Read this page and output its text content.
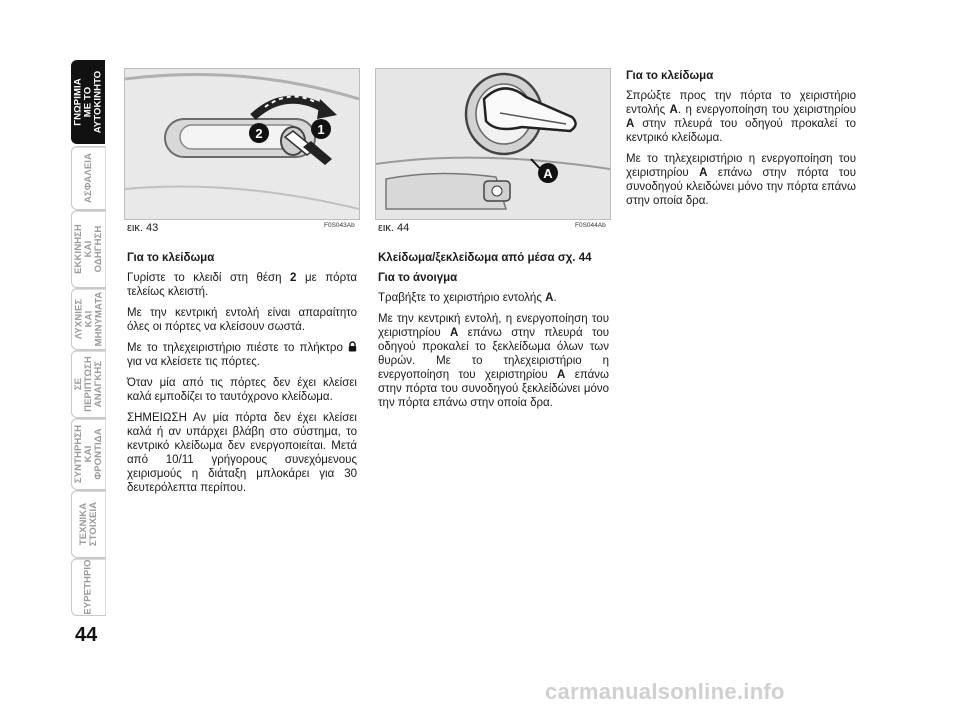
ΓΝΩΡΙΜΙΑ
ΜΕ ΤΟ
ΑΥΤΟΚΙΝΗΤΟ
ΑΣΦΑΛΕΙΑ
ΕΚΚΙΝΗΣΗ
ΚΑΙ
ΟΔΗΓΗΣΗ
ΛΥΧΝΙΕΣ
ΚΑΙ
ΜΗΝΥΜΑΤΑ
ΣΕ
ΠΕΡΙΠΤΩΣΗ
ΑΝΑΓΚΗΣ
ΣΥΝΤΗΡΗΣΗ
ΚΑΙ
ΦΡΟΝΤΙΔΑ
ΤΕΧΝΙΚΑ
ΣΤΟΙΧΕΙΑ
ΕΥΡΕΤΗΡΙΟ
44
1
2
εικ. 43	F0S043Ab
A
εικ. 44	F0S044Ab

Για το κλείδωμα

Γυρίστε το κλειδί στη θέση 2 με πόρτα τελείως κλειστή.

Με την κεντρική εντολή είναι απαραίτητο όλες οι πόρτες να κλείσουν σωστά.

Με το τηλεχειριστήριο πιέστε το πλήκτρο  για να κλείσετε τις πόρτες.

Όταν μία από τις πόρτες δεν έχει κλείσει καλά εμποδίζει το ταυτόχρονο κλείδωμα.

ΣΗΜΕΙΩΣΗ Αν μία πόρτα δεν έχει κλείσει καλά ή αν υπάρχει βλάβη στο σύστημα, το κεντρικό κλείδωμα δεν ενεργοποιείται. Μετά από 10/11 γρήγορους συνεχόμενους χειρισμούς η διάταξη μπλοκάρει για 30 δευτερόλεπτα περίπου.

Κλείδωμα/ξεκλείδωμα από μέσα σχ. 44

Για το άνοιγμα

Τραβήξτε το χειριστήριο εντολής A.

Με την κεντρική εντολή, η ενεργοποίηση του χειριστηρίου A επάνω στην πλευρά του οδηγού προκαλεί το ξεκλείδωμα όλων των θυρών. Με το τηλεχειριστήριο η ενεργοποίηση του χειριστηρίου A επάνω στην πόρτα του συνοδηγού ξεκλείδώνει μόνο την πόρτα επάνω στην οποία δρα.

Για το κλείδωμα

Σπρώξτε προς την πόρτα το χειριστήριο εντολής A. η ενεργοποίηση του χειριστηρίου A στην πλευρά του οδηγού προκαλεί το κεντρικό κλείδωμα.

Με το τηλεχειριστήριο η ενεργοποίηση του χειριστηρίου A επάνω στην πόρτα του συνοδηγού κλειδώνει μόνο την πόρτα επάνω στην οποία δρα.

carmanualsonline.info
